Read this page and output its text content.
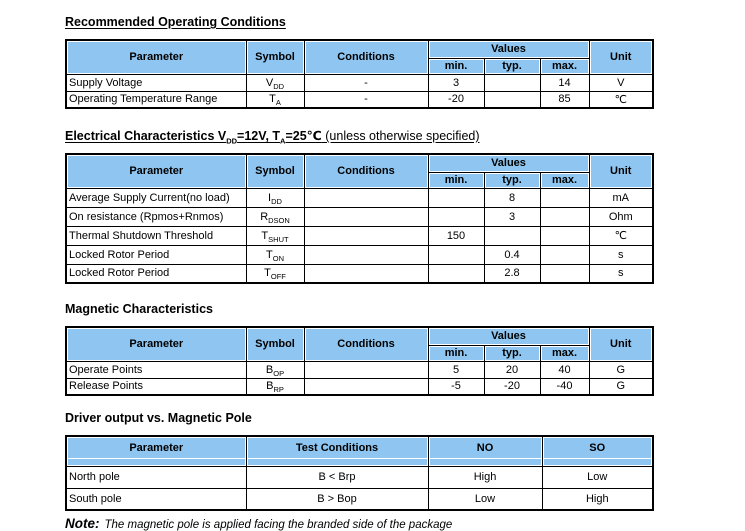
Recommended Operating Conditions
Parameter	Symbol	Conditions	Values			Unit
			min.	typ.	max.	
Supply Voltage	$V_{DD}$	-	3		14	V
Operating Temperature Range	$T_A$	-	-20		85	℃
Electrical Characteristics $V_{DD}=12V$, $T_A=25℃$ (unless otherwise specified)
Parameter	Symbol	Conditions	Values			Unit
			min.	typ.	max.	
Average Supply Current(no load)	$I_{DD}$			8		mA
On resistance (Rpmos+Rnmos)	$R_{DSON}$			3		Ohm
Thermal Shutdown Threshold	$T_{SHUT}$		150			℃
Locked Rotor Period	$T_{ON}$			0.4		s
Locked Rotor Period	$T_{OFF}$			2.8		s
Magnetic Characteristics
Parameter	Symbol	Conditions	Values			Unit
			min.	typ.	max.	
Operate Points	$B_{OP}$		5	20	40	G
Release Points	$B_{RP}$		-5	-20	-40	G
Driver output vs. Magnetic Pole
Parameter	Test Conditions	NO	SO
North pole	B < Brp	High	Low
South pole	B > Bop	Low	High
Note: The magnetic pole is applied facing the branded side of the package
